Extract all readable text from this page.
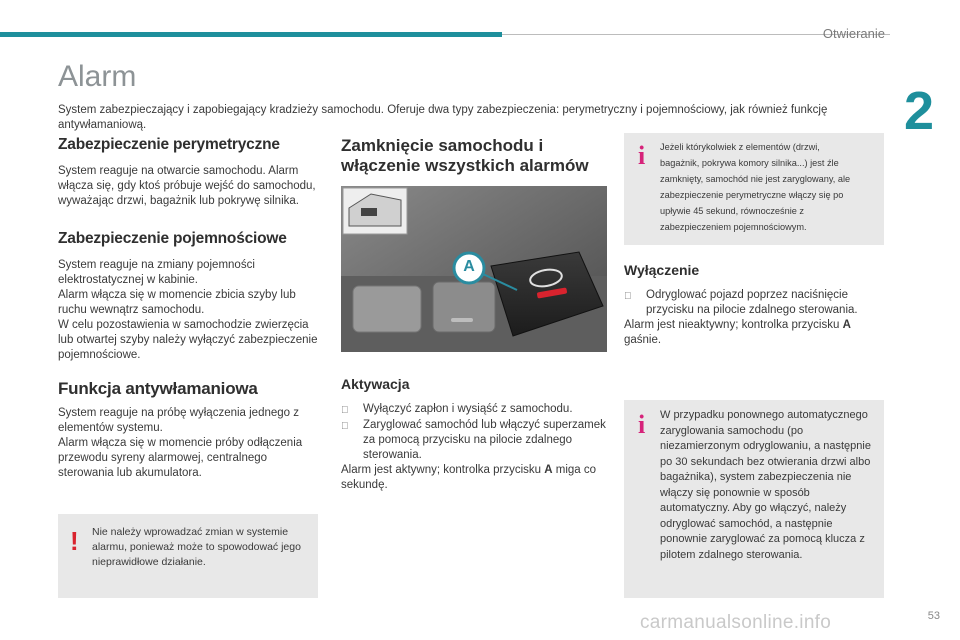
Otwieranie
2
Alarm
System zabezpieczający i zapobiegający kradzieży samochodu. Oferuje dwa typy zabezpieczenia: perymetryczny i pojemnościowy, jak również funkcję antywłamaniową.
Zabezpieczenie perymetryczne

System reaguje na otwarcie samochodu. Alarm włącza się, gdy ktoś próbuje wejść do samochodu, wyważając drzwi, bagażnik lub pokrywę silnika.

Zabezpieczenie pojemnościowe

System reaguje na zmiany pojemności elektrostatycznej w kabinie.

Alarm włącza się w momencie zbicia szyby lub ruchu wewnątrz samochodu.

W celu pozostawienia w samochodzie zwierzęcia lub otwartej szyby należy wyłączyć zabezpieczenie pojemnościowe.

Funkcja antywłamaniowa

System reaguje na próbę wyłączenia jednego z elementów systemu.

Alarm włącza się w momencie próby odłączenia przewodu syreny alarmowej, centralnego sterowania lub akumulatora.

! Nie należy wprowadzać zmian w systemie alarmu, ponieważ może to spowodować jego nieprawidłowe działanie.
Zamknięcie samochodu i włączenie wszystkich alarmów
A
Aktywacja
Wyłączyć zapłon i wysiąść z samochodu.
Zaryglować samochód lub włączyć superzamek za pomocą przycisku na pilocie zdalnego sterowania.

Alarm jest aktywny; kontrolka przycisku A miga co sekundę.

i Jeżeli którykolwiek z elementów (drzwi, bagażnik, pokrywa komory silnika...) jest źle zamknięty, samochód nie jest zaryglowany, ale zabezpieczenie perymetryczne włączy się po upływie 45 sekund, równocześnie z zabezpieczeniem pojemnościowym.
Wyłączenie
Odryglować pojazd poprzez naciśnięcie przycisku na pilocie zdalnego sterowania.

Alarm jest nieaktywny; kontrolka przycisku A gaśnie.

i W przypadku ponownego automatycznego zaryglowania samochodu (po niezamierzonym odryglowaniu, a następnie po 30 sekundach bez otwierania drzwi albo bagażnika), system zabezpieczenia nie włączy się ponownie w sposób automatyczny. Aby go włączyć, należy odryglować samochód, a następnie ponownie zaryglować za pomocą klucza z pilotem zdalnego sterowania.
carmanualsonline.info	53
